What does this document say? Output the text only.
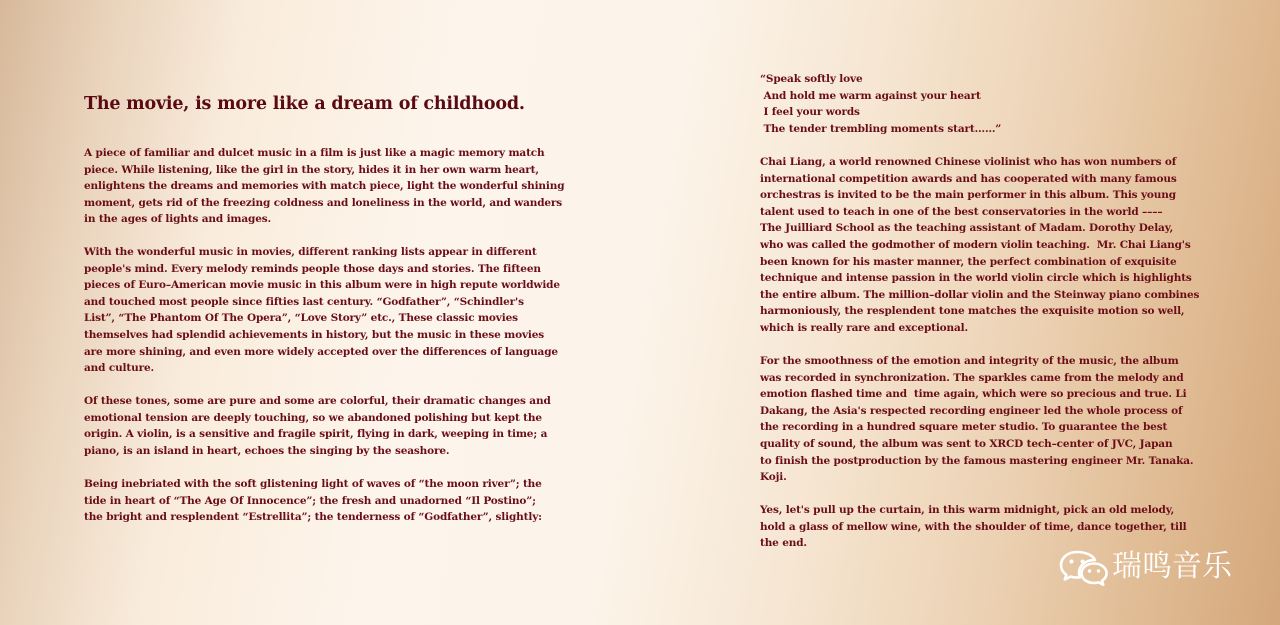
The movie, is more like a dream of childhood.

A piece of familiar and dulcet music in a film is just like a magic memory match
piece. While listening, like the girl in the story, hides it in her own warm heart,
enlightens the dreams and memories with match piece, light the wonderful shining
moment, gets rid of the freezing coldness and loneliness in the world, and wanders
in the ages of lights and images.

With the wonderful music in movies, different ranking lists appear in different
people's mind. Every melody reminds people those days and stories. The fifteen
pieces of Euro–American movie music in this album were in high repute worldwide
and touched most people since fifties last century. “Godfather”, “Schindler's
List”, “The Phantom Of The Opera”, “Love Story” etc., These classic movies
themselves had splendid achievements in history, but the music in these movies
are more shining, and even more widely accepted over the differences of language
and culture.

Of these tones, some are pure and some are colorful, their dramatic changes and
emotional tension are deeply touching, so we abandoned polishing but kept the
origin. A violin, is a sensitive and fragile spirit, flying in dark, weeping in time; a
piano, is an island in heart, echoes the singing by the seashore.

Being inebriated with the soft glistening light of waves of “the moon river”; the
tide in heart of “The Age Of Innocence”; the fresh and unadorned “Il Postino”;
the bright and resplendent “Estrellita”; the tenderness of “Godfather”, slightly:

“Speak softly love
And hold me warm against your heart
I feel your words
The tender trembling moments start……”

Chai Liang, a world renowned Chinese violinist who has won numbers of
international competition awards and has cooperated with many famous
orchestras is invited to be the main performer in this album. This young
talent used to teach in one of the best conservatories in the world ––––
The Juilliard School as the teaching assistant of Madam. Dorothy Delay,
who was called the godmother of modern violin teaching.  Mr. Chai Liang's
been known for his master manner, the perfect combination of exquisite
technique and intense passion in the world violin circle which is highlights
the entire album. The million–dollar violin and the Steinway piano combines
harmoniously, the resplendent tone matches the exquisite motion so well,
which is really rare and exceptional.

For the smoothness of the emotion and integrity of the music, the album
was recorded in synchronization. The sparkles came from the melody and
emotion flashed time and  time again, which were so precious and true. Li
Dakang, the Asia's respected recording engineer led the whole process of
the recording in a hundred square meter studio. To guarantee the best
quality of sound, the album was sent to XRCD tech–center of JVC, Japan
to finish the postproduction by the famous mastering engineer Mr. Tanaka.
Koji.

Yes, let's pull up the curtain, in this warm midnight, pick an old melody,
hold a glass of mellow wine, with the shoulder of time, dance together, till
the end.

瑞鸣音乐
